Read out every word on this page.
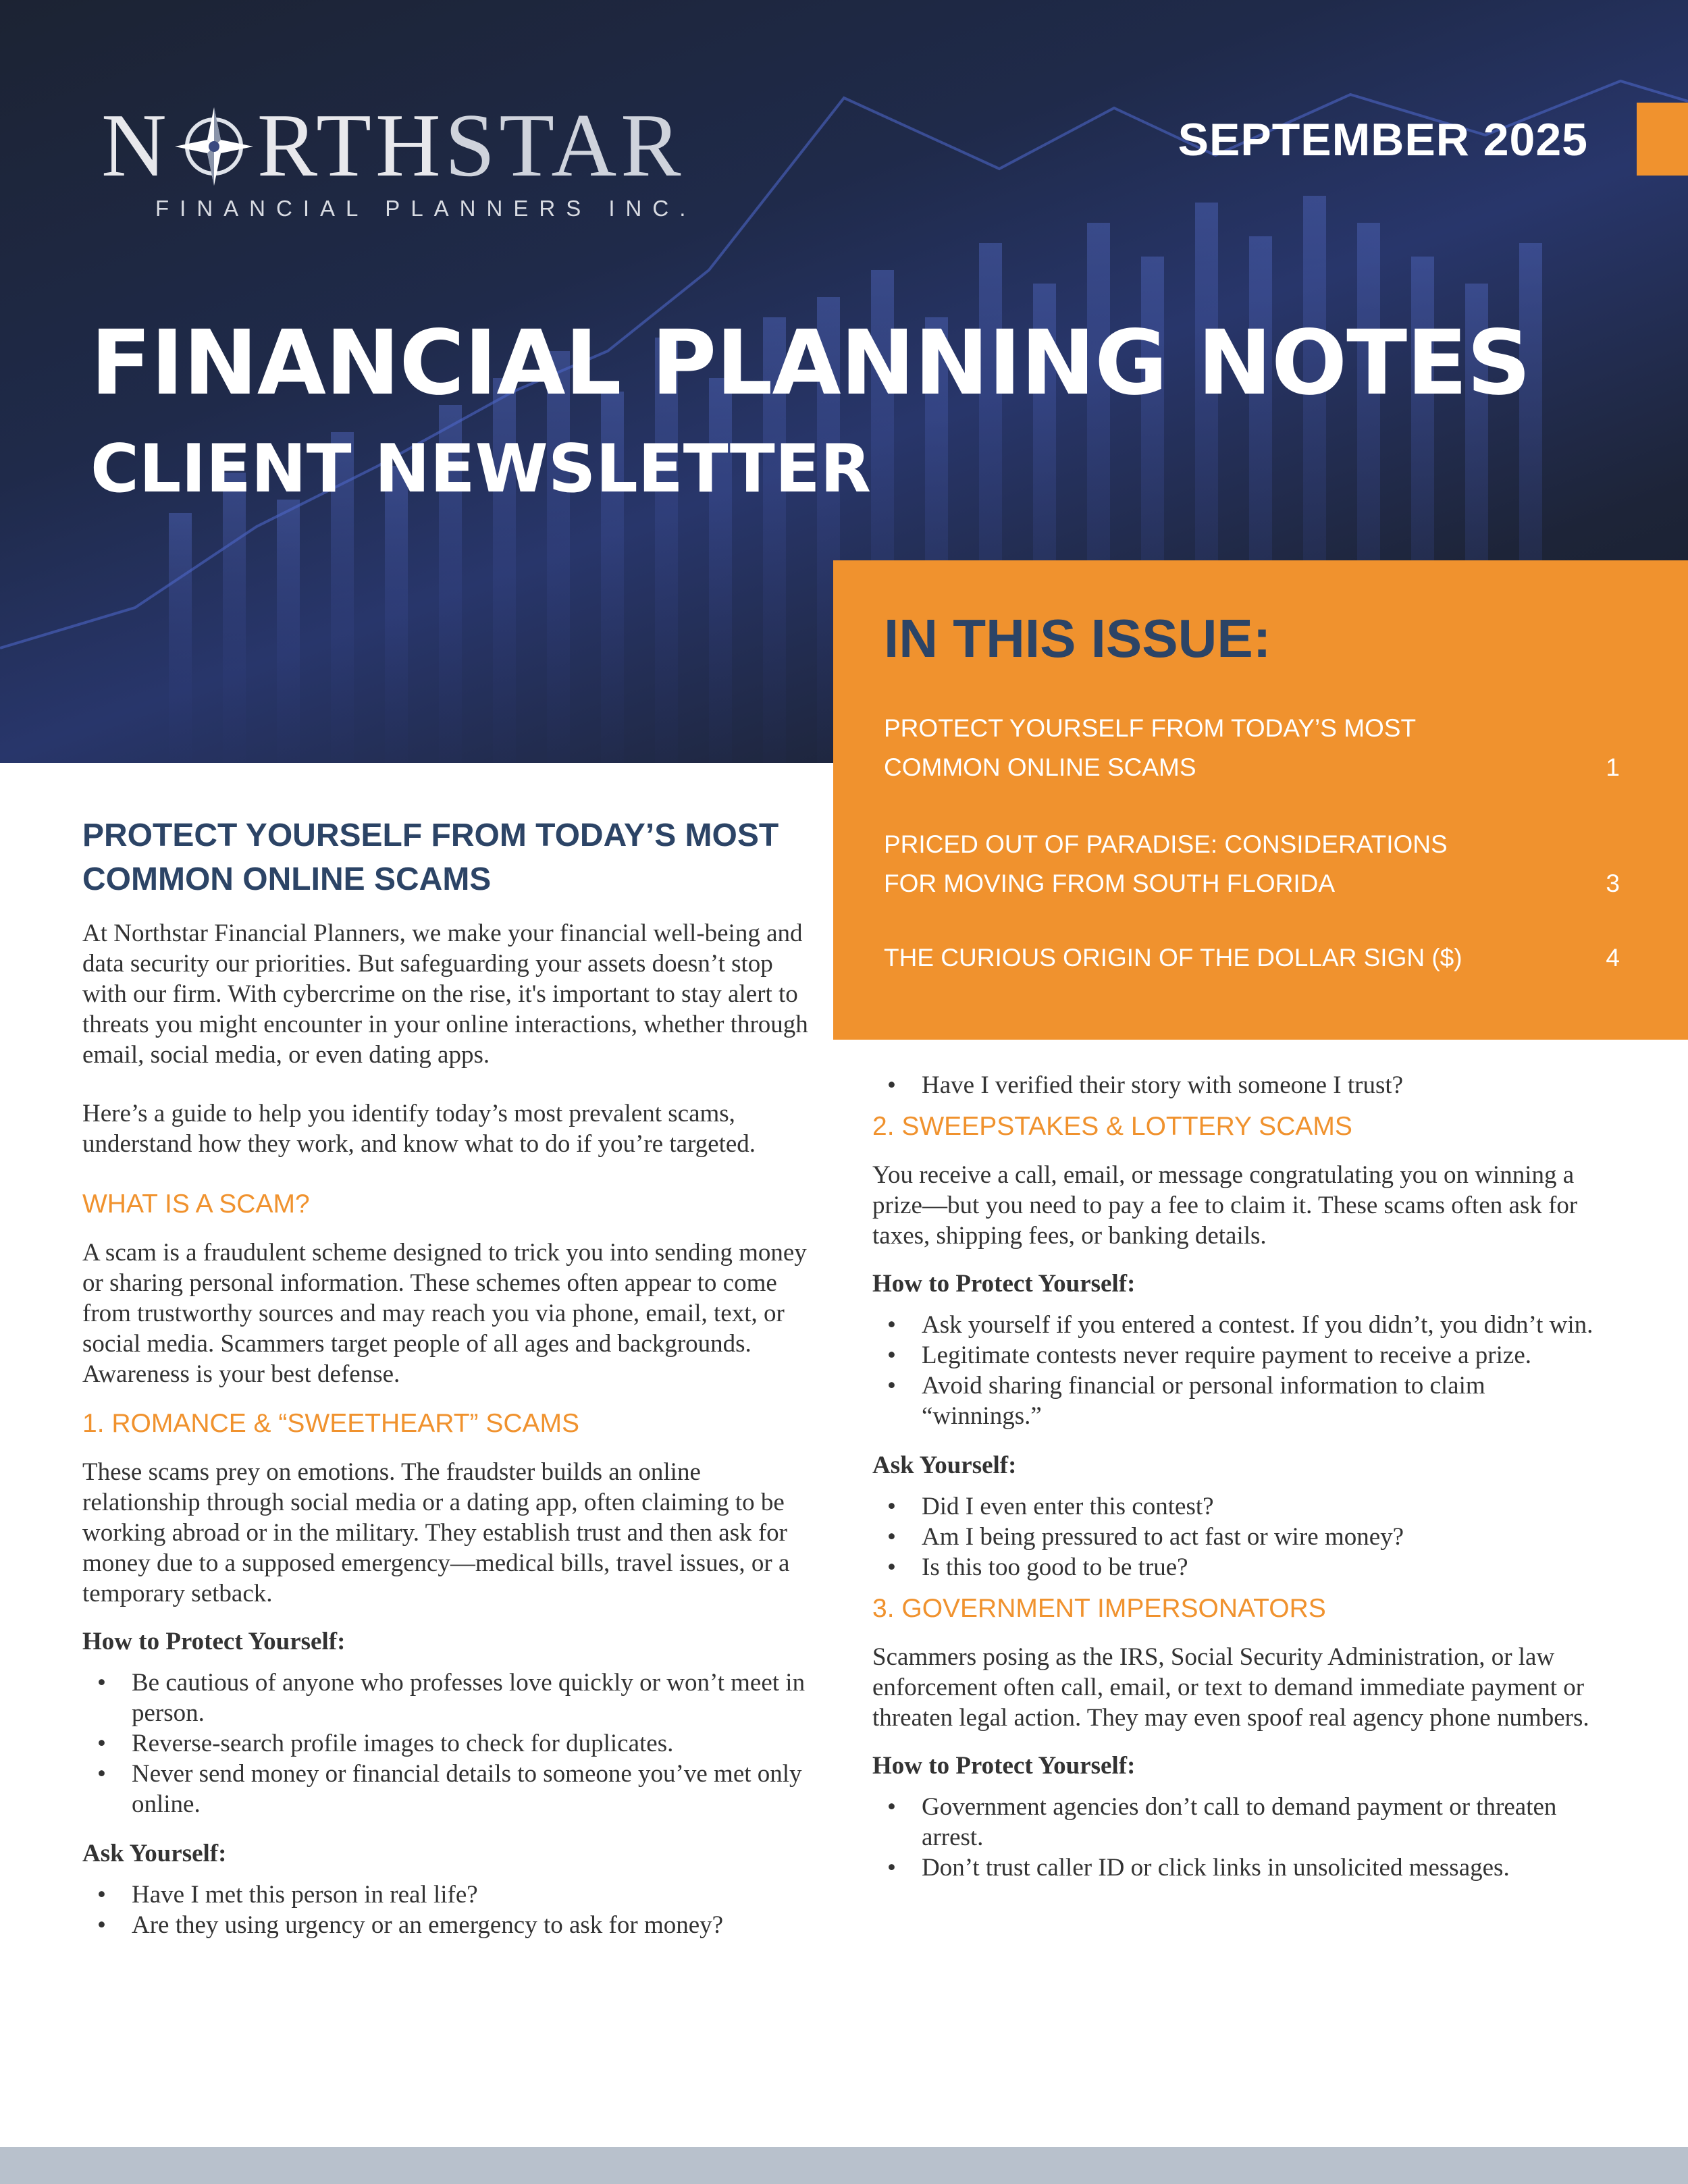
N RTH STAR
FINANCIAL PLANNERS INC.
SEPTEMBER 2025
FINANCIAL PLANNING NOTES
CLIENT NEWSLETTER
IN THIS ISSUE:
PROTECT YOURSELF FROM TODAY’S MOST COMMON ONLINE SCAMS	1
PRICED OUT OF PARADISE: CONSIDERATIONS FOR MOVING FROM SOUTH FLORIDA	3
THE CURIOUS ORIGIN OF THE DOLLAR SIGN ($)	4
PROTECT YOURSELF FROM TODAY’S MOST COMMON ONLINE SCAMS

At Northstar Financial Planners, we make your financial well-being and data security our priorities. But safeguarding your assets doesn’t stop with our firm. With cybercrime on the rise, it's important to stay alert to threats you might encounter in your online interactions, whether through email, social media, or even dating apps.

Here’s a guide to help you identify today’s most prevalent scams, understand how they work, and know what to do if you’re targeted.

WHAT IS A SCAM?

A scam is a fraudulent scheme designed to trick you into sending money or sharing personal information. These schemes often appear to come from trustworthy sources and may reach you via phone, email, text, or social media. Scammers target people of all ages and backgrounds. Awareness is your best defense.

1. ROMANCE & “SWEETHEART” SCAMS

These scams prey on emotions. The fraudster builds an online relationship through social media or a dating app, often claiming to be working abroad or in the military. They establish trust and then ask for money due to a supposed emergency—medical bills, travel issues, or a temporary setback.

How to Protect Yourself:
• Be cautious of anyone who professes love quickly or won’t meet in person.
• Reverse-search profile images to check for duplicates.
• Never send money or financial details to someone you’ve met only online.
Ask Yourself:
• Have I met this person in real life?
• Are they using urgency or an emergency to ask for money?
• Have I verified their story with someone I trust?
2. SWEEPSTAKES & LOTTERY SCAMS

You receive a call, email, or message congratulating you on winning a prize—but you need to pay a fee to claim it. These scams often ask for taxes, shipping fees, or banking details.

How to Protect Yourself:
• Ask yourself if you entered a contest. If you didn’t, you didn’t win.
• Legitimate contests never require payment to receive a prize.
• Avoid sharing financial or personal information to claim “winnings.”
Ask Yourself:
• Did I even enter this contest?
• Am I being pressured to act fast or wire money?
• Is this too good to be true?
3. GOVERNMENT IMPERSONATORS

Scammers posing as the IRS, Social Security Administration, or law enforcement often call, email, or text to demand immediate payment or threaten legal action. They may even spoof real agency phone numbers.

How to Protect Yourself:
• Government agencies don’t call to demand payment or threaten arrest.
• Don’t trust caller ID or click links in unsolicited messages.
